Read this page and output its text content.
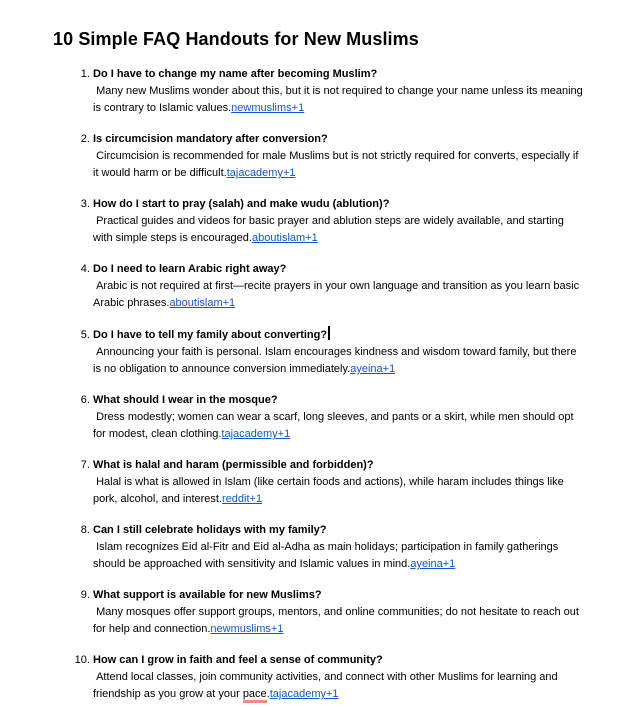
10 Simple FAQ Handouts for New Muslims
1. Do I have to change my name after becoming Muslim?
Many new Muslims wonder about this, but it is not required to change your name unless its meaning is contrary to Islamic values.newmuslims+1
2. Is circumcision mandatory after conversion?
Circumcision is recommended for male Muslims but is not strictly required for converts, especially if it would harm or be difficult.tajacademy+1
3. How do I start to pray (salah) and make wudu (ablution)?
Practical guides and videos for basic prayer and ablution steps are widely available, and starting with simple steps is encouraged.aboutislam+1
4. Do I need to learn Arabic right away?
Arabic is not required at first—recite prayers in your own language and transition as you learn basic Arabic phrases.aboutislam+1
5. Do I have to tell my family about converting?
Announcing your faith is personal. Islam encourages kindness and wisdom toward family, but there is no obligation to announce conversion immediately.ayeina+1
6. What should I wear in the mosque?
Dress modestly; women can wear a scarf, long sleeves, and pants or a skirt, while men should opt for modest, clean clothing.tajacademy+1
7. What is halal and haram (permissible and forbidden)?
Halal is what is allowed in Islam (like certain foods and actions), while haram includes things like pork, alcohol, and interest.reddit+1
8. Can I still celebrate holidays with my family?
Islam recognizes Eid al-Fitr and Eid al-Adha as main holidays; participation in family gatherings should be approached with sensitivity and Islamic values in mind.ayeina+1
9. What support is available for new Muslims?
Many mosques offer support groups, mentors, and online communities; do not hesitate to reach out for help and connection.newmuslims+1
10. How can I grow in faith and feel a sense of community?
Attend local classes, join community activities, and connect with other Muslims for learning and friendship as you grow at your pace.tajacademy+1
